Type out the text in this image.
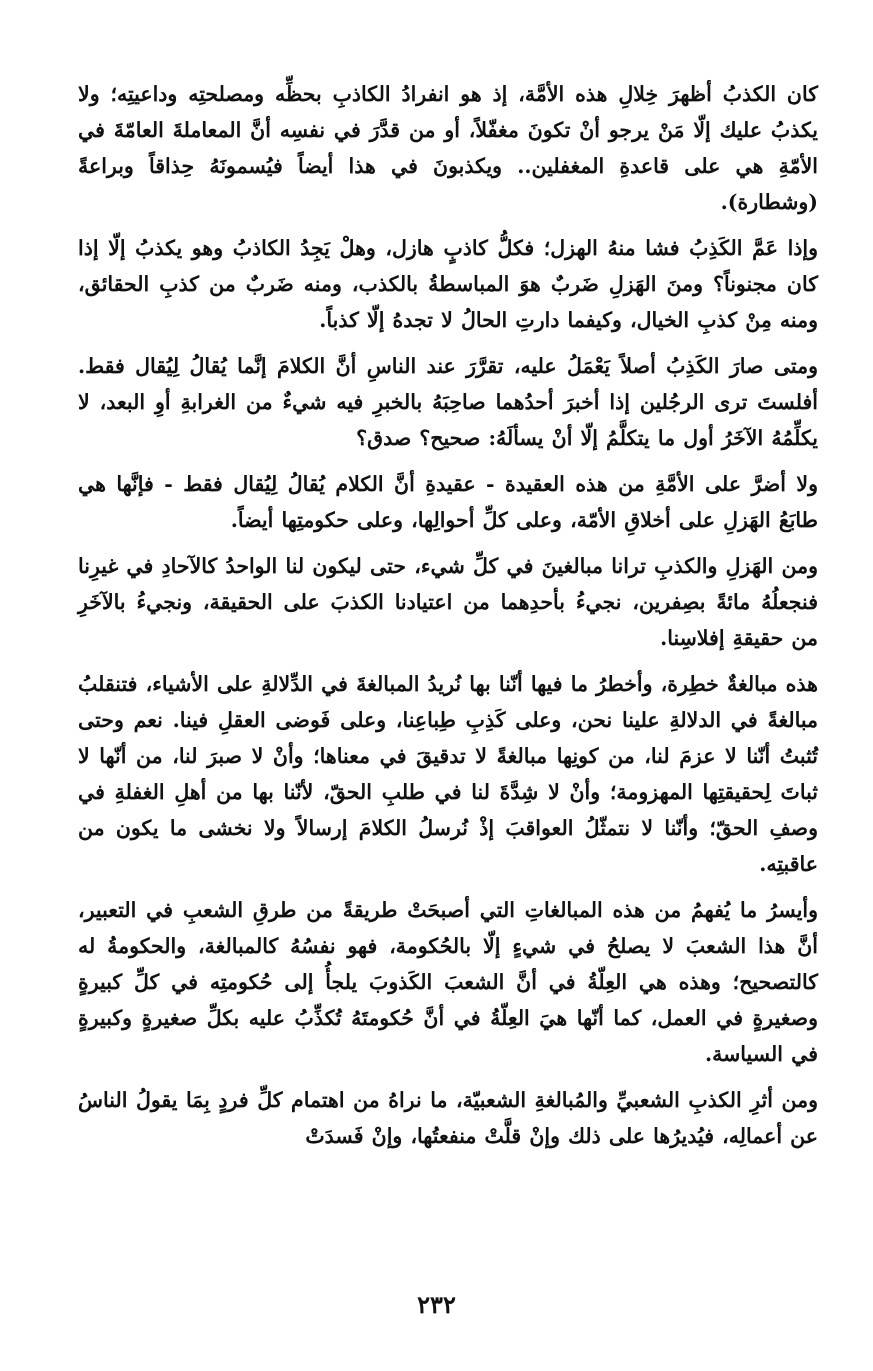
كان الكذبُ أظهرَ خِلالِ هذه الأمَّة، إذ هو انفرادُ الكاذبِ بحظِّه ومصلحتِه وداعيتِه؛ ولا يكذبُ عليك إلّا مَنْ يرجو أنْ تكونَ مغفّلاً، أو من قدَّرَ في نفسِه أنَّ المعاملةَ العامّةَ في الأمّةِ هي على قاعدةِ المغفلين.. ويكذبونَ في هذا أيضاً فيُسمونَهُ حِذاقاً وبراعةً (وشطارة).

وإذا عَمَّ الكَذِبُ فشا منهُ الهزل؛ فكلُّ كاذبٍ هازل، وهلْ يَجِدُ الكاذبُ وهو يكذبُ إلّا إذا كان مجنوناً؟ ومنَ الهَزلِ ضَربٌ هوَ المباسطةُ بالكذب، ومنه ضَربٌ من كذبِ الحقائق، ومنه مِنْ كذبِ الخيال، وكيفما دارتِ الحالُ لا تجدهُ إلّا كذباً.

ومتى صارَ الكَذِبُ أصلاً يَعْمَلُ عليه، تقرَّرَ عند الناسِ أنَّ الكلامَ إنَّما يُقالُ لِيُقال فقط. أفلستَ ترى الرجُلين إذا أخبرَ أحدُهما صاحِبَهُ بالخبرِ فيه شيءٌ من الغرابةِ أوِ البعد، لا يكلِّمُهُ الآخَرُ أول ما يتكلَّمُ إلّا أنْ يسألَهُ: صحيح؟ صدق؟

ولا أضرَّ على الأمَّةِ من هذه العقيدة - عقيدةِ أنَّ الكلام يُقالُ لِيُقال فقط - فإنَّها هي طابَعُ الهَزلِ على أخلاقِ الأمّة، وعلى كلِّ أحوالِها، وعلى حكومتِها أيضاً.

ومن الهَزلِ والكذبِ ترانا مبالغينَ في كلِّ شيء، حتى ليكون لنا الواحدُ كالآحادِ في غيرِنا فنجعلُهُ مائةً بصِفرين، نجيءُ بأحدِهما من اعتيادنا الكذبَ على الحقيقة، ونجيءُ بالآخَرِ من حقيقةِ إفلاسِنا.

هذه مبالغةٌ خطِرة، وأخطرُ ما فيها أنّنا بها نُريدُ المبالغةَ في الدِّلالةِ على الأشياء، فتنقلبُ مبالغةً في الدلالةِ علينا نحن، وعلى كَذِبِ طِباعِنا، وعلى فَوضى العقلِ فينا. نعم وحتى تُثبتُ أنّنا لا عزمَ لنا، من كونِها مبالغةً لا تدقيقَ في معناها؛ وأنْ لا صبرَ لنا، من أنّها لا ثباتَ لِحقيقتِها المهزومة؛ وأنْ لا شِدَّةَ لنا في طلبِ الحقّ، لأنّنا بها من أهلِ الغفلةِ في وصفِ الحقّ؛ وأنّنا لا نتمثّلُ العواقبَ إذْ نُرسلُ الكلامَ إرسالاً ولا نخشى ما يكون من عاقبتِه.

وأيسرُ ما يُفهمُ من هذه المبالغاتِ التي أصبحَتْ طريقةً من طرقِ الشعبِ في التعبير، أنَّ هذا الشعبَ لا يصلحُ في شيءٍ إلّا بالحُكومة، فهو نفسُهُ كالمبالغة، والحكومةُ له كالتصحيح؛ وهذه هي العِلّةُ في أنَّ الشعبَ الكَذوبَ يلجأُ إلى حُكومتِه في كلِّ كبيرةٍ وصغيرةٍ في العمل، كما أنّها هيَ العِلّةُ في أنَّ حُكومتَهُ تُكذِّبُ عليه بكلِّ صغيرةٍ وكبيرةٍ في السياسة.

ومن أثرِ الكذبِ الشعبيِّ والمُبالغةِ الشعبيّة، ما نراهُ من اهتمام كلِّ فردٍ بِمَا يقولُ الناسُ عن أعمالِه، فيُديرُها على ذلك وإنْ قلَّتْ منفعتُها، وإنْ فَسدَتْ

٢٣٢
